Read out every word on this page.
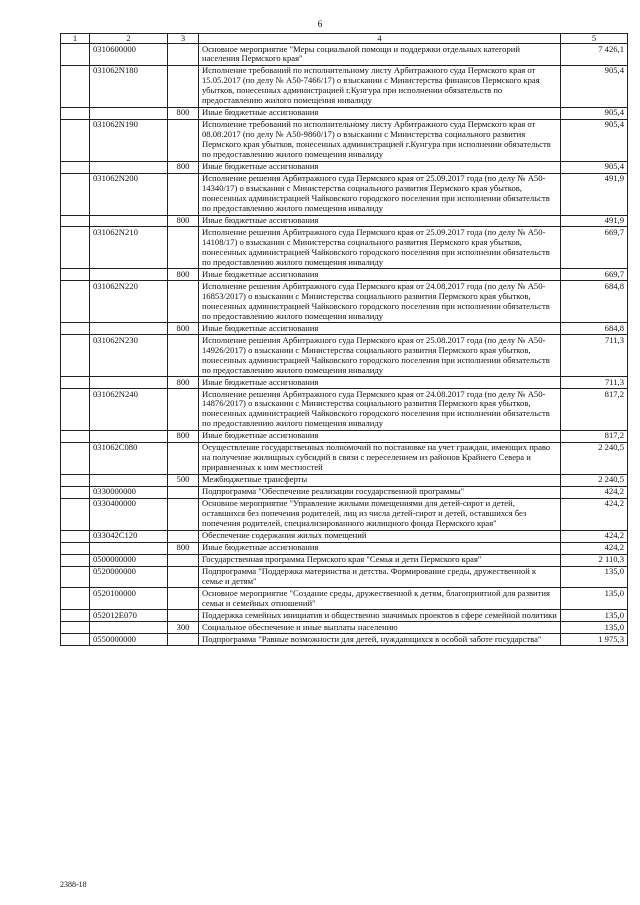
6
1	2	3	4	5
	0310600000		Основное мероприятие "Меры социальной помощи и поддержки отдельных категорий населения Пермского края"	7 426,1
	031062N180		Исполнение требований по исполнительному листу Арбитражного суда Пермского края от 15.05.2017 (по делу № А50-7466/17) о взыскании с Министерства финансов Пермского края убытков, понесенных администрацией г.Кунгура при исполнении обязательств по предоставлению жилого помещения инвалиду	905,4
		800	Иные бюджетные ассигнования	905,4
	031062N190		Исполнение требований по исполнительному листу Арбитражного суда Пермского края от 08.08.2017 (по делу № А50-9860/17) о взыскании с Министерства социального развития Пермского края убытков, понесенных администрацией г.Кунгура при исполнении обязательств по предоставлению жилого помещения инвалиду	905,4
		800	Иные бюджетные ассигнования	905,4
	031062N200		Исполнение решения Арбитражного суда Пермского края от 25.09.2017 года (по делу № А50-14340/17) о взыскании с Министерства социального развития Пермского края убытков, понесенных администрацией Чайковского городского поселения при исполнении обязательств по предоставлению жилого помещения инвалиду	491,9
		800	Иные бюджетные ассигнования	491,9
	031062N210		Исполнение решения Арбитражного суда Пермского края от 25.09.2017 года (по делу № А50-14108/17) о взыскании с Министерства социального развития Пермского края убытков, понесенных администрацией Чайковского городского поселения при исполнении обязательств по предоставлению жилого помещения инвалиду	669,7
		800	Иные бюджетные ассигнования	669,7
	031062N220		Исполнение решения Арбитражного суда Пермского края от 24.08.2017 года (по делу № А50-16853/2017) о взыскании с Министерства социального развития Пермского края убытков, понесенных администрацией Чайковского городского поселения при исполнении обязательств по предоставлению жилого помещения инвалиду	684,8
		800	Иные бюджетные ассигнования	684,8
	031062N230		Исполнение решения Арбитражного суда Пермского края от 25.08.2017 года (по делу № А50-14926/2017) о взыскании с Министерства социального развития Пермского края убытков, понесенных администрацией Чайковского городского поселения при исполнении обязательств по предоставлению жилого помещения инвалиду	711,3
		800	Иные бюджетные ассигнования	711,3
	031062N240		Исполнение решения Арбитражного суда Пермского края от 24.08.2017 года (по делу № А50-14876/2017) о взыскании с Министерства социального развития Пермского края убытков, понесенных администрацией Чайковского городского поселения при исполнении обязательств по предоставлению жилого помещения инвалиду	817,2
		800	Иные бюджетные ассигнования	817,2
	031062C080		Осуществление государственных полномочий по постановке на учет граждан, имеющих право на получение жилищных субсидий в связи с переселением из районов Крайнего Севера и приравненных к ним местностей	2 240,5
		500	Межбюджетные трансферты	2 240,5
	0330000000		Подпрограмма "Обеспечение реализации государственной программы"	424,2
	0330400000		Основное мероприятие "Управление жилыми помещениями для детей-сирот и детей, оставшихся без попечения родителей, лиц из числа детей-сирот и детей, оставшихся без попечения родителей, специализированного жилищного фонда Пермского края"	424,2
	033042C120		Обеспечение содержания жилых помещений	424,2
		800	Иные бюджетные ассигнования	424,2
	0500000000		Государственная программа Пермского края "Семья и дети Пермского края"	2 110,3
	0520000000		Подпрограмма "Поддержка материнства и детства. Формирование среды, дружественной к семье и детям"	135,0
	0520100000		Основное мероприятие "Создание среды, дружественной к детям, благоприятной для развития семьи и семейных отношений"	135,0
	052012E070		Поддержка семейных инициатив и общественно значимых проектов в сфере семейной политики	135,0
		300	Социальное обеспечение и иные выплаты населению	135,0
	0550000000		Подпрограмма "Равные возможности для детей, нуждающихся в особой заботе государства"	1 975,3
2388-18
